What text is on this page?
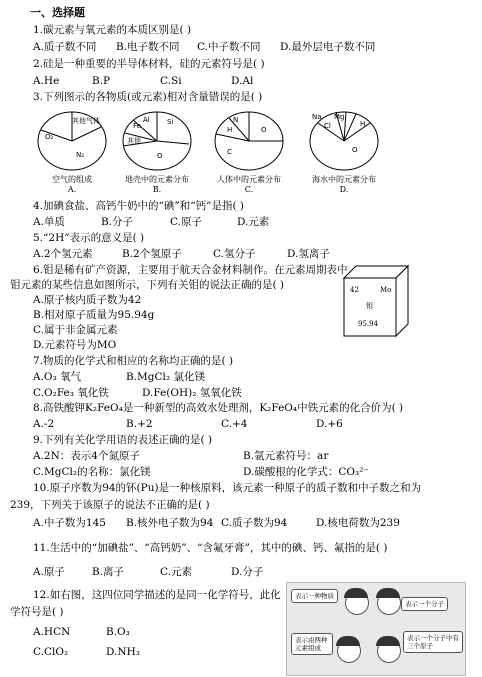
一、选择题
1.碳元素与氧元素的本质区别是( )
A.质子数不同 B.电子数不同 C.中子数不同 D.最外层电子数不同
2.硅是一种重要的半导体材料，硅的元素符号是( )
A.He	B.P	C.Si	D.Al
3.下列图示的各物质(或元素)相对含量错误的是( )
其他气体
O₂
N₂
空气的组成
A.
Fe
Al Si
其他
O
地壳中的元素分布
B.
N
H	O
C
人体中的元素分布
C.
Na Mg
Cl	H
O
海水中的元素分布
D.
4.加碘食盐、高钙牛奶中的“碘”和“钙”是指( )
A.单质	B.分子	C.原子	D.元素
5.“2H”表示的意义是( )
A.2个氢元素	B.2个氢原子	C.氢分子	D.氢离子
6.钼是稀有矿产资源，主要用于航天合金材料制作。在元素周期表中
钼元素的某些信息如图所示，下列有关钼的说法正确的是( )
A.原子核内质子数为42
B.相对原子质量为95.94g
C.属于非金属元素
D.元素符号为MO
42	Mo
钼
95.94
7.物质的化学式和相应的名称均正确的是( )
A.O₃ 氧气	B.MgCl₂ 氯化镁
C.O₂Fe₃ 氧化铁	D.Fe(OH)₂ 氢氧化铁
8.高铁酸钾K₂FeO₄是一种新型的高效水处理剂，K₂FeO₄中铁元素的化合价为( )
A.-2	B.+2	C.+4	D.+6
9.下列有关化学用语的表述正确的是( )
A.2N：表示4个氮原子	B.氩元素符号：ar
C.MgCl₂的名称：氯化镁	D.碳酸根的化学式：CO₃²⁻
10.原子序数为94的钚(Pu)是一种核原料，该元素一种原子的质子数和中子数之和为
239，下列关于该原子的说法不正确的是( )
A.中子数为145 B.核外电子数为94 C.质子数为94	D.核电荷数为239
11.生活中的“加碘盐”、“高钙奶”、“含氟牙膏”，其中的碘、钙、氟指的是( )
A.原子	B.离子	C.元素	D.分子
12.如右图，这四位同学描述的是同一化学符号，此化
学符号是( )
A.HCN	B.O₃
C.ClO₂	D.NH₃
表示一种物质
表示一个分子
表示由两种元素组成
表示一个分子中有三个原子
